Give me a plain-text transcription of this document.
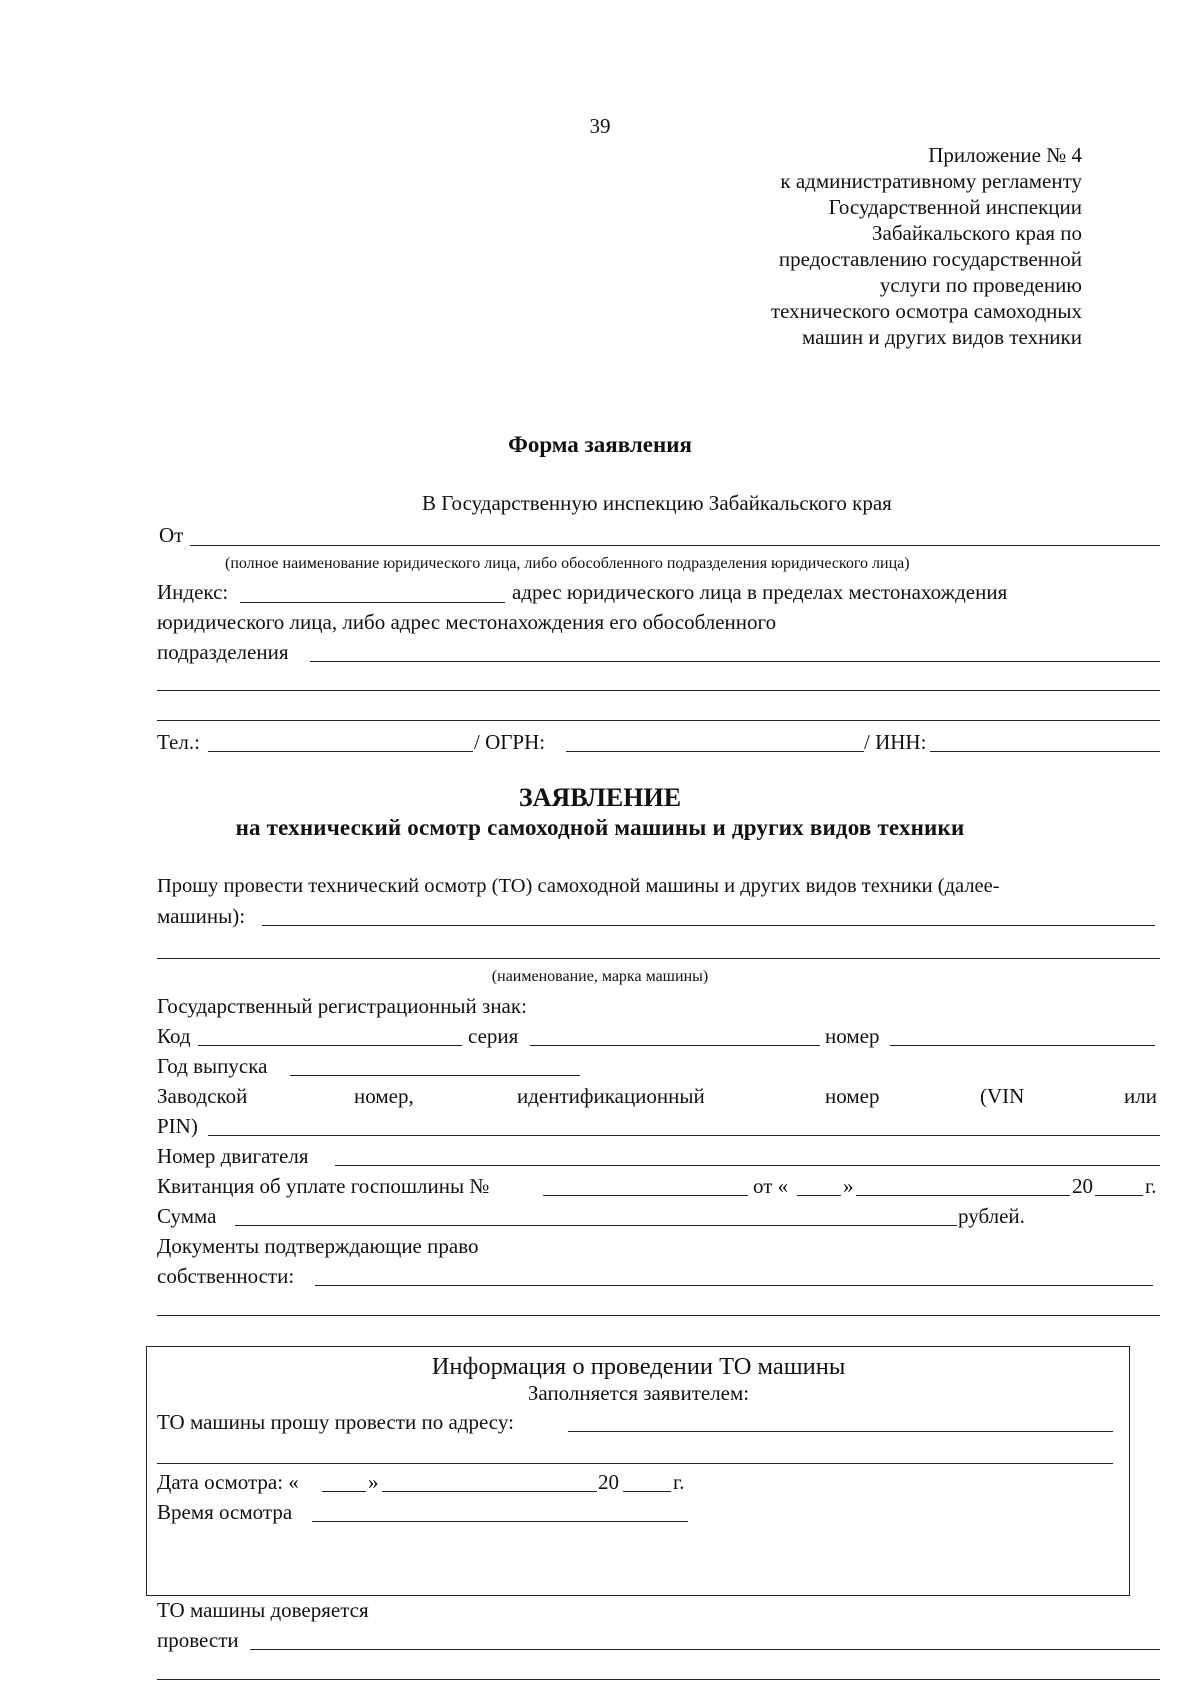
39
Приложение № 4
к административному регламенту
Государственной инспекции
Забайкальского края по
предоставлению государственной
услуги по проведению
технического осмотра самоходных
машин и других видов техники
Форма заявления
В Государственную инспекцию Забайкальского края
От
(полное наименование юридического лица, либо обособленного подразделения юридического лица)
Индекс:	адрес юридического лица в пределах местонахождения
юридического лица, либо адрес местонахождения его обособленного
подразделения
Тел.:	/ ОГРН:	/ ИНН:
ЗАЯВЛЕНИЕ
на технический осмотр самоходной машины и других видов техники
Прошу провести технический осмотр (ТО) самоходной машины и других видов техники (далее-
машины):
(наименование, марка машины)
Государственный регистрационный знак:
Код	серия	номер
Год выпуска
Заводской	номер,	идентификационный	номер	(VIN	или
PIN)
Номер двигателя
Квитанция об уплате госпошлины №	от «	»	20 г.
Сумма	рублей.
Документы подтверждающие право
собственности:
Информация о проведении ТО машины
Заполняется заявителем:
ТО машины прошу провести по адресу:
Дата осмотра: «	»	20	г.
Время осмотра
ТО машины доверяется
провести
